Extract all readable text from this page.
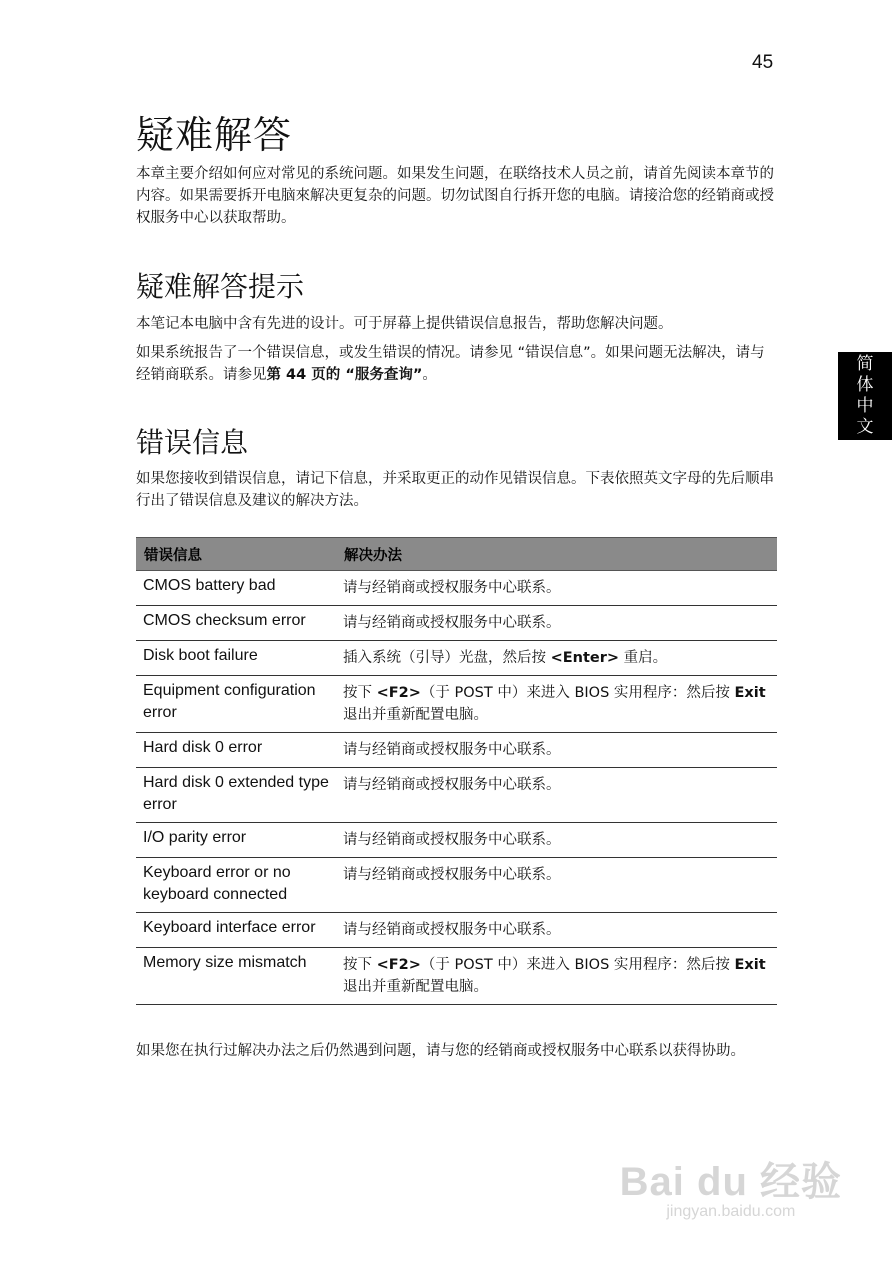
45
简
体
中
文
疑难解答

本章主要介绍如何应对常见的系统问题。如果发生问题，在联络技术人员之前，请首先阅读本章节的内容。如果需要拆开电脑來解决更复杂的问题。切勿试图自行拆开您的电脑。请接洽您的经销商或授权服务中心以获取帮助。

疑难解答提示

本笔记本电脑中含有先进的设计。可于屏幕上提供错误信息报告，帮助您解决问题。

如果系统报告了一个错误信息，或发生错误的情况。请参见 “错误信息”。如果问题无法解决，请与经销商联系。请参见第 44 页的 “服务查询”。

错误信息

如果您接收到错误信息，请记下信息，并采取更正的动作见错误信息。下表依照英文字母的先后顺串行出了错误信息及建议的解决方法。

错误信息	解决办法
CMOS battery bad	请与经销商或授权服务中心联系。
CMOS checksum error	请与经销商或授权服务中心联系。
Disk boot failure	插入系统（引导）光盘，然后按 <Enter> 重启。
Equipment configuration error	按下 <F2>（于 POST 中）来进入 BIOS 实用程序：然后按 Exit 退出并重新配置电脑。
Hard disk 0 error	请与经销商或授权服务中心联系。
Hard disk 0 extended type error	请与经销商或授权服务中心联系。
I/O parity error	请与经销商或授权服务中心联系。
Keyboard error or no keyboard connected	请与经销商或授权服务中心联系。
Keyboard interface error	请与经销商或授权服务中心联系。
Memory size mismatch	按下 <F2>（于 POST 中）来进入 BIOS 实用程序：然后按 Exit 退出并重新配置电脑。

如果您在执行过解决办法之后仍然遇到问题，请与您的经销商或授权服务中心联系以获得协助。

Bai du 经验
jingyan.baidu.com
